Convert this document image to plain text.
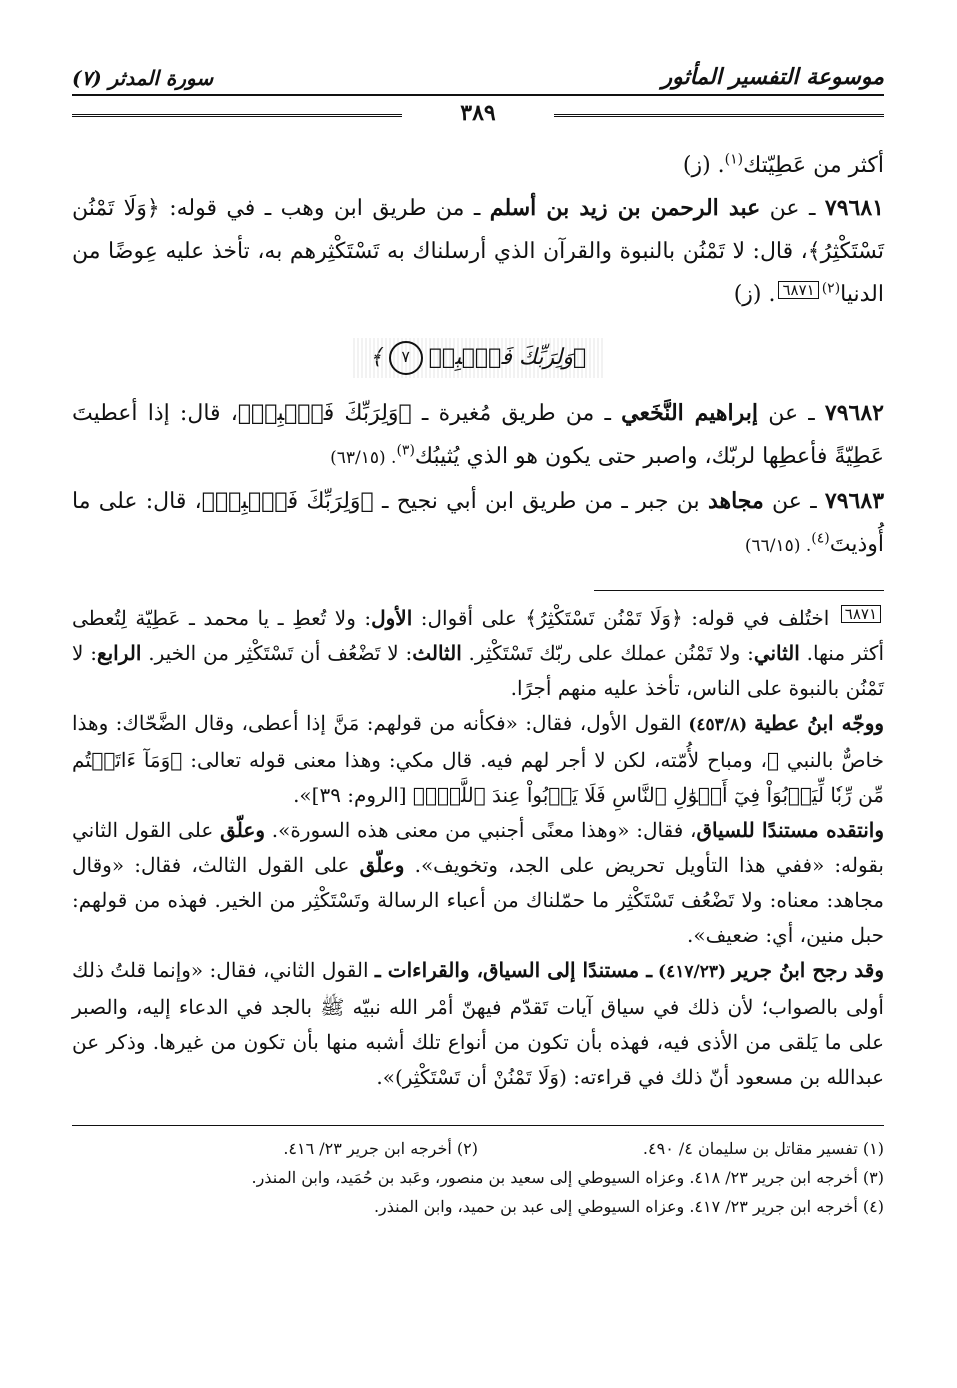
موسوعة التفسير المأثور
سورة المدثر (٧)
٣٨٩

أكثر من عَطِيّتك$^{(١)}$. (ز)

٧٩٦٨١ ـ عن عبد الرحمن بن زيد بن أسلم ـ من طريق ابن وهب ـ في قوله: ﴿وَلَا تَمْنُن تَسْتَكْثِرُ﴾، قال: لا تَمْنُن بالنبوة والقرآن الذي أرسلناك به تَسْتَكْثِرهم به، تأخذ عليه عِوضًا من الدنيا$^{(٢)}$٦٨٧١. (ز)

﴿وَلِرَبِّكَ فَٱصۡبِرۡ٧﴾

٧٩٦٨٢ ـ عن إبراهيم النَّخَعي ـ من طريق مُغيرة ـ ﴿وَلِرَبِّكَ فَٱصۡبِرۡ﴾، قال: إذا أعطيتَ عَطِيّةً فأعطِها لربّك، واصبر حتى يكون هو الذي يُثيبُك$^{(٣)}$. (٦٣/١٥)

٧٩٦٨٣ ـ عن مجاهد بن جبر ـ من طريق ابن أبي نجيح ـ ﴿وَلِرَبِّكَ فَٱصۡبِرۡ﴾، قال: على ما أُوذيتَ$^{(٤)}$. (٦٦/١٥)

٦٨٧١ اختُلف في قوله: ﴿وَلَا تَمْنُن تَسْتَكْثِرُ﴾ على أقوال: الأول: ولا تُعطِ ـ يا محمد ـ عَطِيّة لِتُعطى أكثر منها. الثاني: ولا تَمْنُن عملك على ربّك تَسْتَكْثِر. الثالث: لا تَضْعُف أن تَسْتَكْثِر من الخير. الرابع: لا تَمْنُن بالنبوة على الناس، تأخذ عليه منهم أجرًا.

ووجّه ابنُ عطية (٤٥٣/٨) القول الأول، فقال: «فكأنه من قولهم: مَنَّ إذا أعطى، وقال الضَّحّاك: وهذا خاصٌّ بالنبي ﷺ، ومباح لأُمّته، لكن لا أجر لهم فيه. قال مكي: وهذا معنى قوله تعالى: ﴿وَمَآ ءَاتَيۡتُم مِّن رِّبٗا لِّيَرۡبُوَاْ فِيٓ أَمۡوَٰلِ ٱلنَّاسِ فَلَا يَرۡبُواْ عِندَ ٱللَّهِۖ﴾ [الروم: ٣٩]».

وانتقده مستندًا للسياق، فقال: «وهذا معنًى أجنبي من معنى هذه السورة». وعلّق على القول الثاني بقوله: «ففي هذا التأويل تحريض على الجد، وتخويف». وعلّق على القول الثالث، فقال: «وقال مجاهد: معناه: ولا تَضْعُف تَسْتَكْثِر ما حمّلناك من أعباء الرسالة وتَسْتَكْثِر من الخير. فهذه من قولهم: حبل منين، أي: ضعيف».

وقد رجح ابنُ جرير (٤١٧/٢٣) ـ مستندًا إلى السياق، والقراءات ـ القول الثاني، فقال: «وإنما قلتُ ذلك أولى بالصواب؛ لأن ذلك في سياق آيات تَقدّم فيهنّ أمْر الله نبيّه ﷺ بالجد في الدعاء إليه، والصبر على ما يَلقى من الأذى فيه، فهذه بأن تكون من أنواع تلك أشبه منها بأن تكون من غيرها. وذكر عن عبدالله بن مسعود أنّ ذلك في قراءته: (وَلَا تَمْنُنْ أن تَسْتَكْثِر)».

(١) تفسير مقاتل بن سليمان ٤/ ٤٩٠.
(٢) أخرجه ابن جرير ٢٣/ ٤١٦.
(٣) أخرجه ابن جرير ٢٣/ ٤١٨. وعزاه السيوطي إلى سعيد بن منصور، وعَبد بن حُمَيد، وابن المنذر.
(٤) أخرجه ابن جرير ٢٣/ ٤١٧. وعزاه السيوطي إلى عبد بن حميد، وابن المنذر.
